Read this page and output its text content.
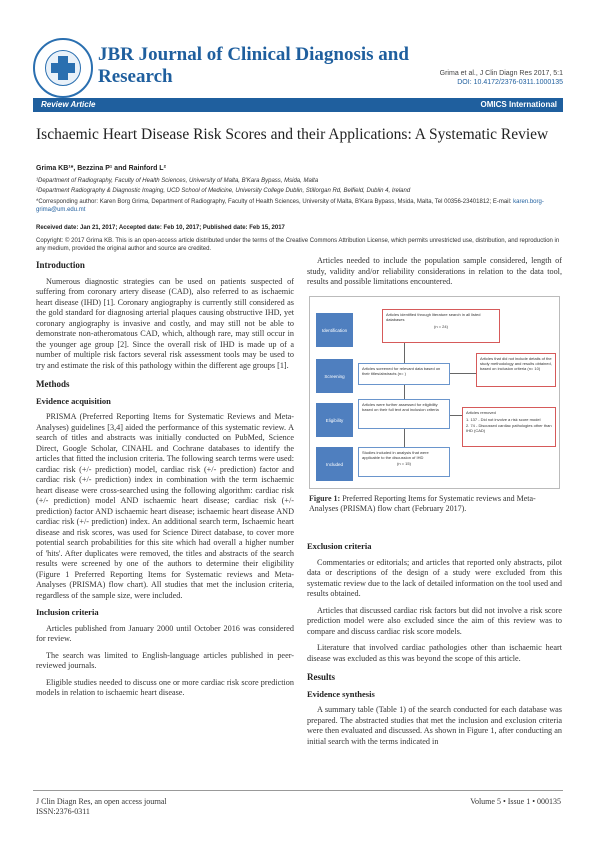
JBR Journal of Clinical Diagnosis and Research	Grima et al., J Clin Diagn Res 2017, 5:1
DOI: 10.4172/2376-0311.1000135
Review Article	OMICS International
Ischaemic Heart Disease Risk Scores and their Applications: A Systematic Review
Grima KB¹*, Bezzina P¹ and Rainford L²
¹Department of Radiography, Faculty of Health Sciences, University of Malta, B'Kara Bypass, Msida, Malta
²Department Radiography & Diagnostic Imaging, UCD School of Medicine, University College Dublin, Stillorgan Rd, Belfield, Dublin 4, Ireland
*Corresponding author: Karen Borg Grima, Department of Radiography, Faculty of Health Sciences, University of Malta, B'Kara Bypass, Msida, Malta, Tel 00356-23401812; E-mail: karen.borg-grima@um.edu.mt
Received date: Jan 21, 2017; Accepted date: Feb 10, 2017; Published date: Feb 15, 2017
Copyright: © 2017 Grima KB. This is an open-access article distributed under the terms of the Creative Commons Attribution License, which permits unrestricted use, distribution, and reproduction in any medium, provided the original author and source are credited.
Introduction

Numerous diagnostic strategies can be used on patients suspected of suffering from coronary artery disease (CAD), also referred to as ischaemic heart disease (IHD) [1]. Coronary angiography is currently still considered as the gold standard for diagnosing arterial plaques causing obstructive IHD, yet coronary angiography is invasive and costly, and may still not be able to demonstrate non-atheromatous CAD, which, although rare, may still occur in the younger age group [2]. Since the overall risk of IHD is made up of a number of multiple risk factors several risk assessment tools may be used to try and estimate the risk of this pathology within the different age groups [1].

Methods
Evidence acquisition

PRISMA (Preferred Reporting Items for Systematic Reviews and Meta-Analyses) guidelines [3,4] aided the performance of this systematic review. A search of titles and abstracts was initially conducted on PubMed, Science Direct, Google Scholar, CINAHL and Cochrane databases to identify the articles that fitted the inclusion criteria. The following search terms were used: cardiac risk (+/- prediction) model, cardiac risk (+/- prediction) factor and cardiac risk (+/- prediction) index in combination with the term ischaemic heart disease were cross-searched using the following algorithm: cardiac risk (+/- prediction) model AND ischaemic heart disease; cardiac risk (+/- prediction) factor AND ischaemic heart disease; ischaemic heart disease AND cardiac risk (+/- prediction) index. An additional search term, Ischaemic heart disease and risk scores, was used for Science Direct database, to cover more potential search probabilities for this site which had overall a higher number of 'hits'. After duplicates were removed, the titles and abstracts of the search results were screened by one of the authors to determine their eligibility (Figure 1 Preferred Reporting Items for Systematic reviews and Meta-Analyses (PRISMA) flow chart). All studies that met the inclusion criteria, regardless of the sample size, were included.

Inclusion criteria

Articles published from January 2000 until October 2016 was considered for review.

The search was limited to English-language articles published in peer-reviewed journals.

Eligible studies needed to discuss one or more cardiac risk score prediction models in relation to ischaemic heart disease.

Articles needed to include the population sample considered, length of study, validity and/or reliability considerations in relation to the data tool, results and possible limitations encountered.

Identification
Screening
Eligibility
Included
Articles identified through literature search in all listed databases
(n = 24)
Articles screened for relevant data based on their titles/abstracts (n= )
Articles that did not include details of the study methodology and results obtained, based on inclusion criteria (n= 10)
Articles were further assessed for eligibility based on their full text and inclusion criteria
Articles removed
1. 137 - Did not involve a risk score model
2. 74 - Discussed cardiac pathologies other than IHD (CAD)
Studies included in analysis that were applicable to the discussion of IHD
(n = 15)
Figure 1: Preferred Reporting Items for Systematic reviews and Meta-Analyses (PRISMA) flow chart (February 2017).
Exclusion criteria

Commentaries or editorials; and articles that reported only abstracts, pilot data or descriptions of the design of a study were excluded from this systematic review due to the lack of detailed information on the tool used and results obtained.

Articles that discussed cardiac risk factors but did not involve a risk score prediction model were also excluded since the aim of this review was to compare and discuss cardiac risk score models.

Literature that involved cardiac pathologies other than ischaemic heart disease was excluded as this was beyond the scope of this article.

Results
Evidence synthesis

A summary table (Table 1) of the search conducted for each database was prepared. The abstracted studies that met the inclusion and exclusion criteria were then evaluated and discussed. As shown in Figure 1, after conducting an initial search with the terms indicated in

J Clin Diagn Res, an open access journal
ISSN:2376-0311
Volume 5 • Issue 1 • 000135
